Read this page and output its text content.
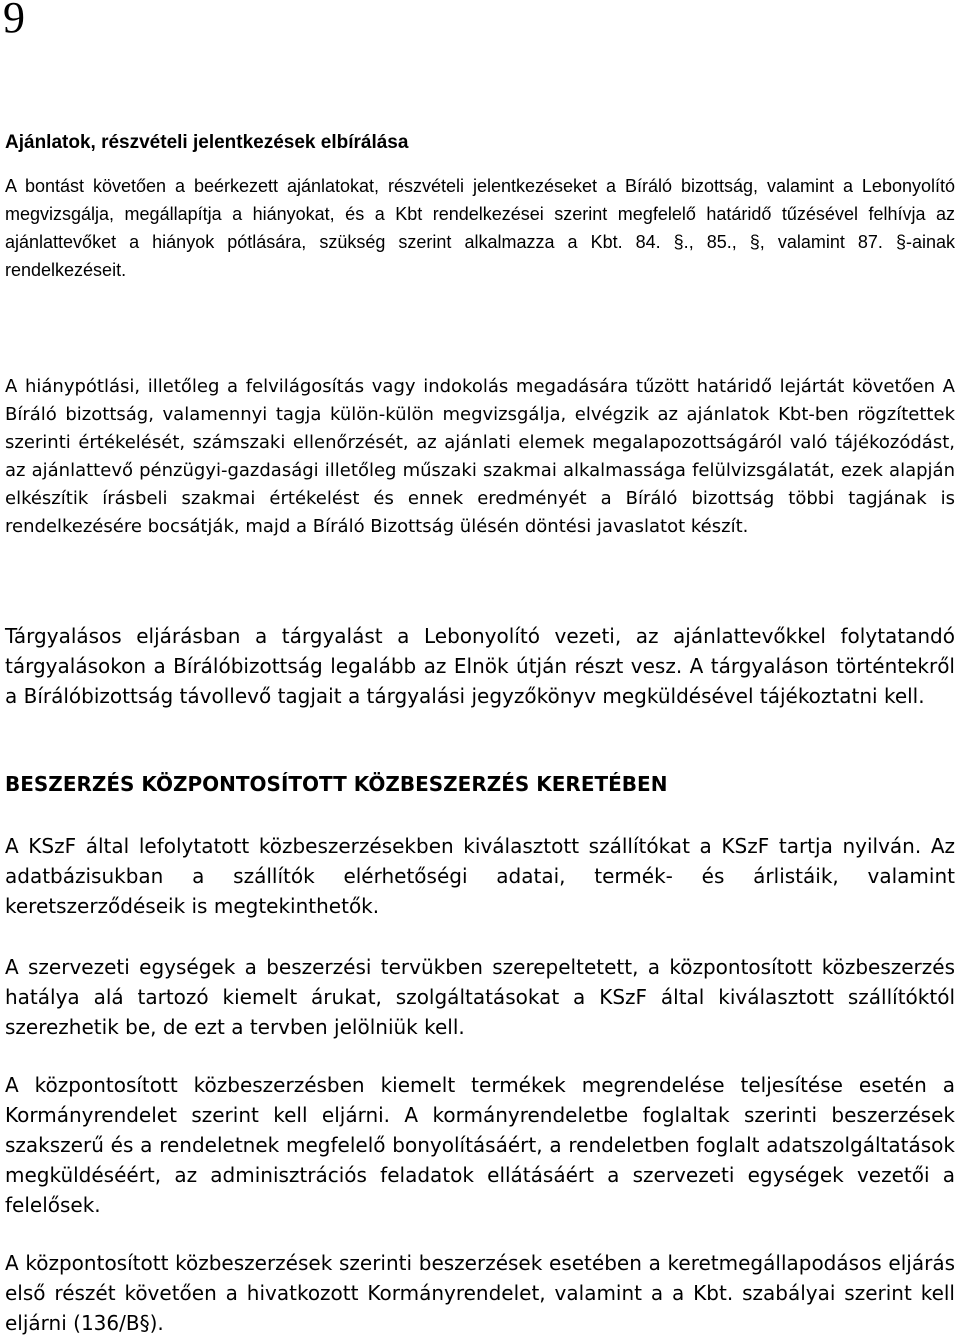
9
Ajánlatok, részvételi jelentkezések elbírálása

A bontást követően a beérkezett ajánlatokat, részvételi jelentkezéseket a Bíráló bizottság, valamint a Lebonyolító megvizsgálja, megállapítja a hiányokat, és a Kbt rendelkezései szerint megfelelő határidő tűzésével felhívja az ajánlattevőket a hiányok pótlására, szükség szerint alkalmazza a Kbt. 84. §., 85., §, valamint 87. §-ainak rendelkezéseit.

A hiánypótlási, illetőleg a felvilágosítás vagy indokolás megadására tűzött határidő lejártát követően A Bíráló bizottság, valamennyi tagja külön-külön megvizsgálja, elvégzik az ajánlatok Kbt-ben rögzítettek szerinti értékelését, számszaki ellenőrzését, az ajánlati elemek megalapozottságáról való tájékozódást, az ajánlattevő pénzügyi-gazdasági illetőleg műszaki szakmai alkalmassága felülvizsgálatát, ezek alapján elkészítik írásbeli szakmai értékelést és ennek eredményét a Bíráló bizottság többi tagjának is rendelkezésére bocsátják, majd a Bíráló Bizottság ülésén döntési javaslatot készít.

Tárgyalásos eljárásban a tárgyalást a Lebonyolító vezeti, az ajánlattevőkkel folytatandó tárgyalásokon a Bírálóbizottság legalább az Elnök útján részt vesz. A tárgyaláson történtekről a Bírálóbizottság távollevő tagjait a tárgyalási jegyzőkönyv megküldésével tájékoztatni kell.

BESZERZÉS KÖZPONTOSÍTOTT KÖZBESZERZÉS KERETÉBEN

A KSzF által lefolytatott közbeszerzésekben kiválasztott szállítókat a KSzF tartja nyilván. Az adatbázisukban a szállítók elérhetőségi adatai, termék- és árlistáik, valamint keretszerződéseik is megtekinthetők.

A szervezeti egységek a beszerzési tervükben szerepeltetett, a központosított közbeszerzés hatálya alá tartozó kiemelt árukat, szolgáltatásokat a KSzF által kiválasztott szállítóktól szerezhetik be, de ezt a tervben jelölniük kell.

A központosított közbeszerzésben kiemelt termékek megrendelése teljesítése esetén a Kormányrendelet szerint kell eljárni. A kormányrendeletbe foglaltak szerinti beszerzések szakszerű és a rendeletnek megfelelő bonyolításáért, a rendeletben foglalt adatszolgáltatások megküldéséért, az adminisztrációs feladatok ellátásáért a szervezeti egységek vezetői a felelősek.

A központosított közbeszerzések szerinti beszerzések esetében a keretmegállapodásos eljárás első részét követően a hivatkozott Kormányrendelet, valamint a a Kbt. szabályai szerint kell eljárni (136/B§).
